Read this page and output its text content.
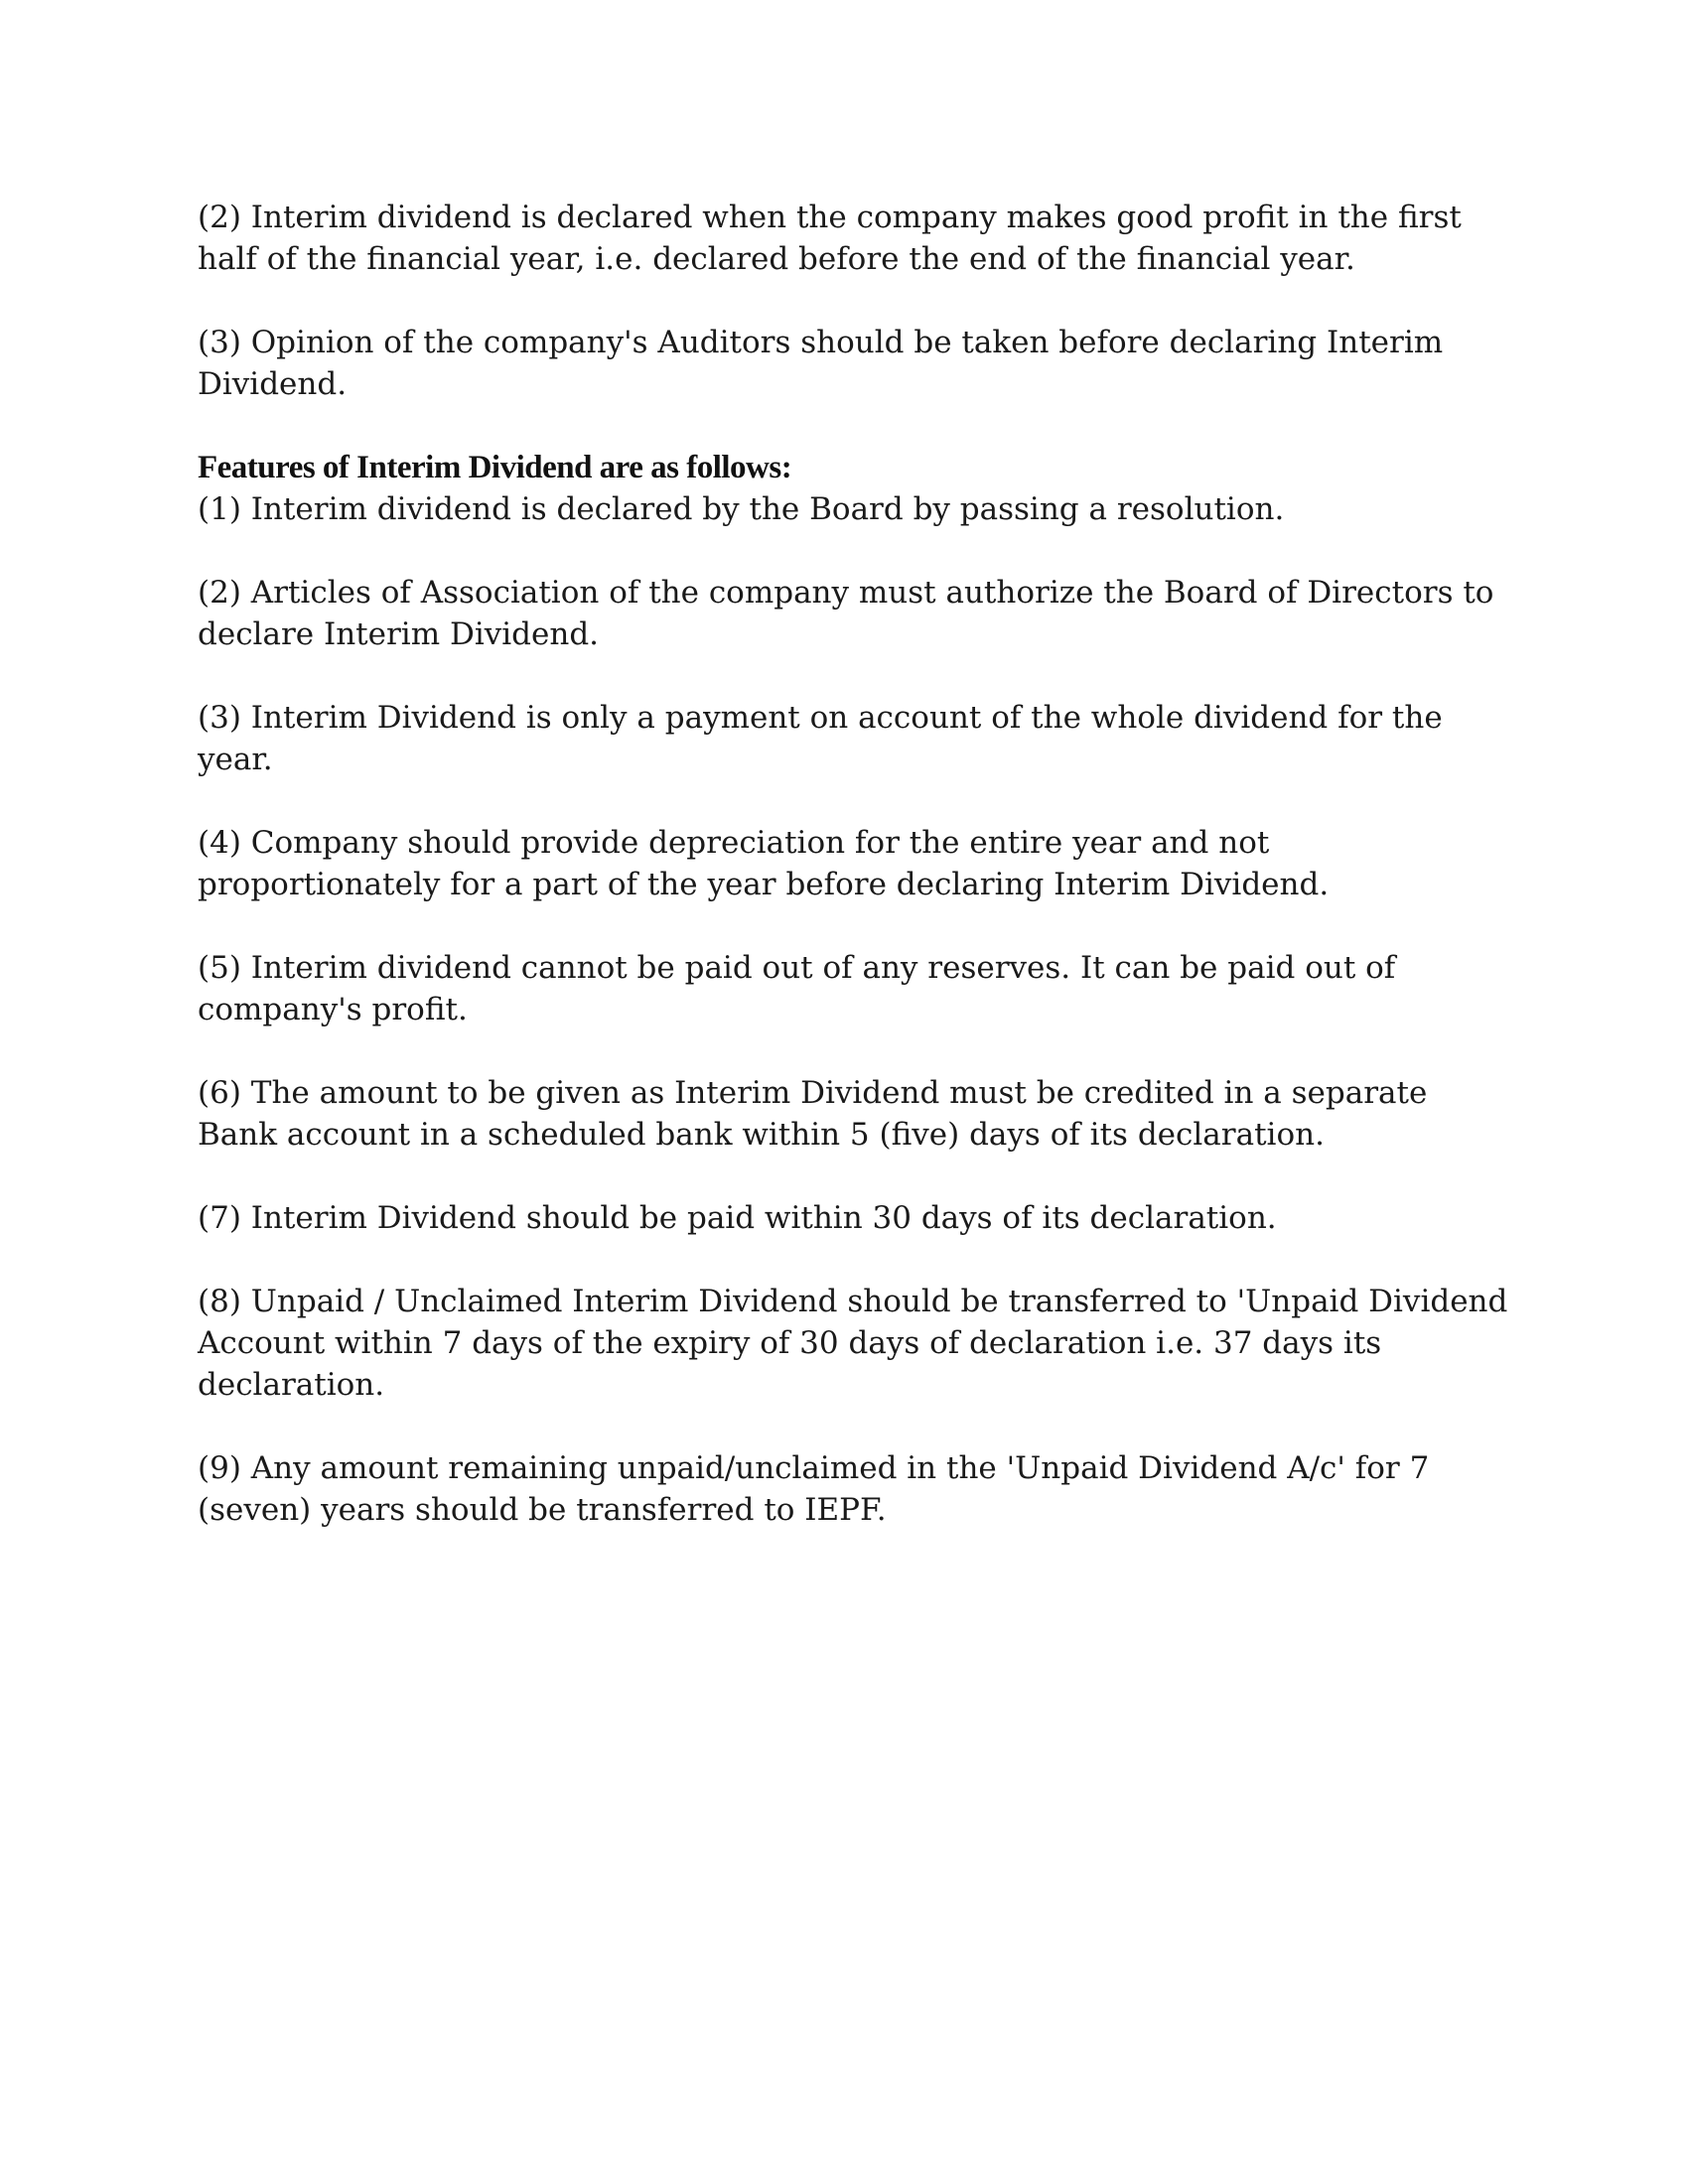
(2) Interim dividend is declared when the company makes good profit in the first half of the financial year, i.e. declared before the end of the financial year.

(3) Opinion of the company's Auditors should be taken before declaring Interim Dividend.

Features of Interim Dividend are as follows:
(1) Interim dividend is declared by the Board by passing a resolution.
(2) Articles of Association of the company must authorize the Board of Directors to declare Interim Dividend.
(3) Interim Dividend is only a payment on account of the whole dividend for the year.
(4) Company should provide depreciation for the entire year and not proportionately for a part of the year before declaring Interim Dividend.
(5) Interim dividend cannot be paid out of any reserves. It can be paid out of company's profit.
(6) The amount to be given as Interim Dividend must be credited in a separate Bank account in a scheduled bank within 5 (five) days of its declaration.
(7) Interim Dividend should be paid within 30 days of its declaration.
(8) Unpaid / Unclaimed Interim Dividend should be transferred to 'Unpaid Dividend Account within 7 days of the expiry of 30 days of declaration i.e. 37 days its declaration.
(9) Any amount remaining unpaid/unclaimed in the 'Unpaid Dividend A/c' for 7 (seven) years should be transferred to IEPF.
